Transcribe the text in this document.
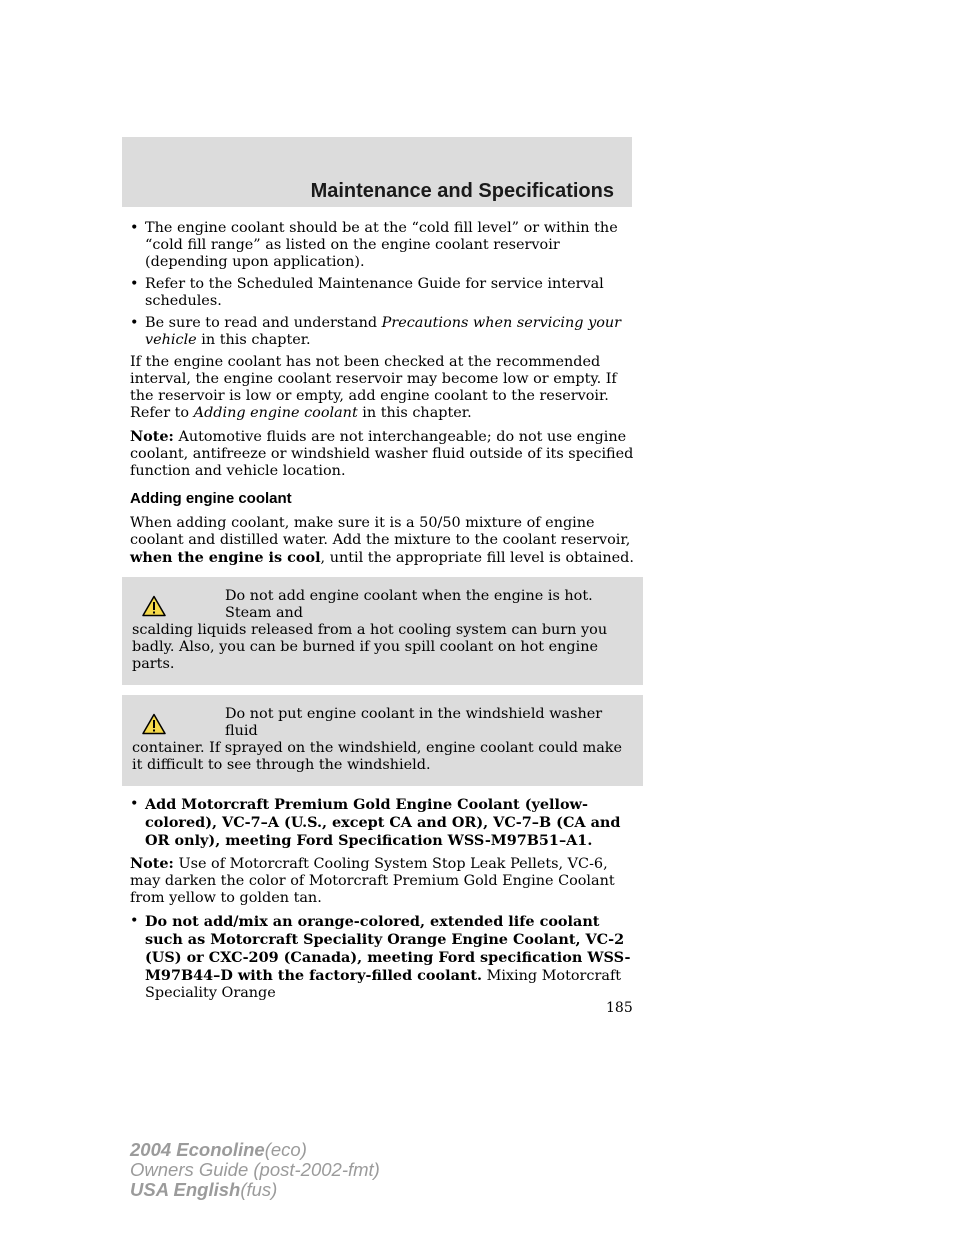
Maintenance and Specifications
• The engine coolant should be at the “cold fill level” or within the “cold fill range” as listed on the engine coolant reservoir (depending upon application).
• Refer to the Scheduled Maintenance Guide for service interval schedules.
• Be sure to read and understand Precautions when servicing your vehicle in this chapter.

If the engine coolant has not been checked at the recommended interval, the engine coolant reservoir may become low or empty. If the reservoir is low or empty, add engine coolant to the reservoir. Refer to Adding engine coolant in this chapter.

Note: Automotive fluids are not interchangeable; do not use engine coolant, antifreeze or windshield washer fluid outside of its specified function and vehicle location.

Adding engine coolant

When adding coolant, make sure it is a 50/50 mixture of engine coolant and distilled water. Add the mixture to the coolant reservoir, when the engine is cool, until the appropriate fill level is obtained.

Do not add engine coolant when the engine is hot. Steam and
scalding liquids released from a hot cooling system can burn you badly. Also, you can be burned if you spill coolant on hot engine parts.
Do not put engine coolant in the windshield washer fluid
container. If sprayed on the windshield, engine coolant could make it difficult to see through the windshield.
• Add Motorcraft Premium Gold Engine Coolant (yellow-colored), VC-7–A (U.S., except CA and OR), VC-7–B (CA and OR only), meeting Ford Specification WSS-M97B51–A1.

Note: Use of Motorcraft Cooling System Stop Leak Pellets, VC-6, may darken the color of Motorcraft Premium Gold Engine Coolant from yellow to golden tan.

• Do not add/mix an orange-colored, extended life coolant such as Motorcraft Speciality Orange Engine Coolant, VC-2 (US) or CXC-209 (Canada), meeting Ford specification WSS-M97B44–D with the factory-filled coolant. Mixing Motorcraft Speciality Orange
185
2004 Econoline(eco)
Owners Guide (post-2002-fmt)
USA English(fus)
